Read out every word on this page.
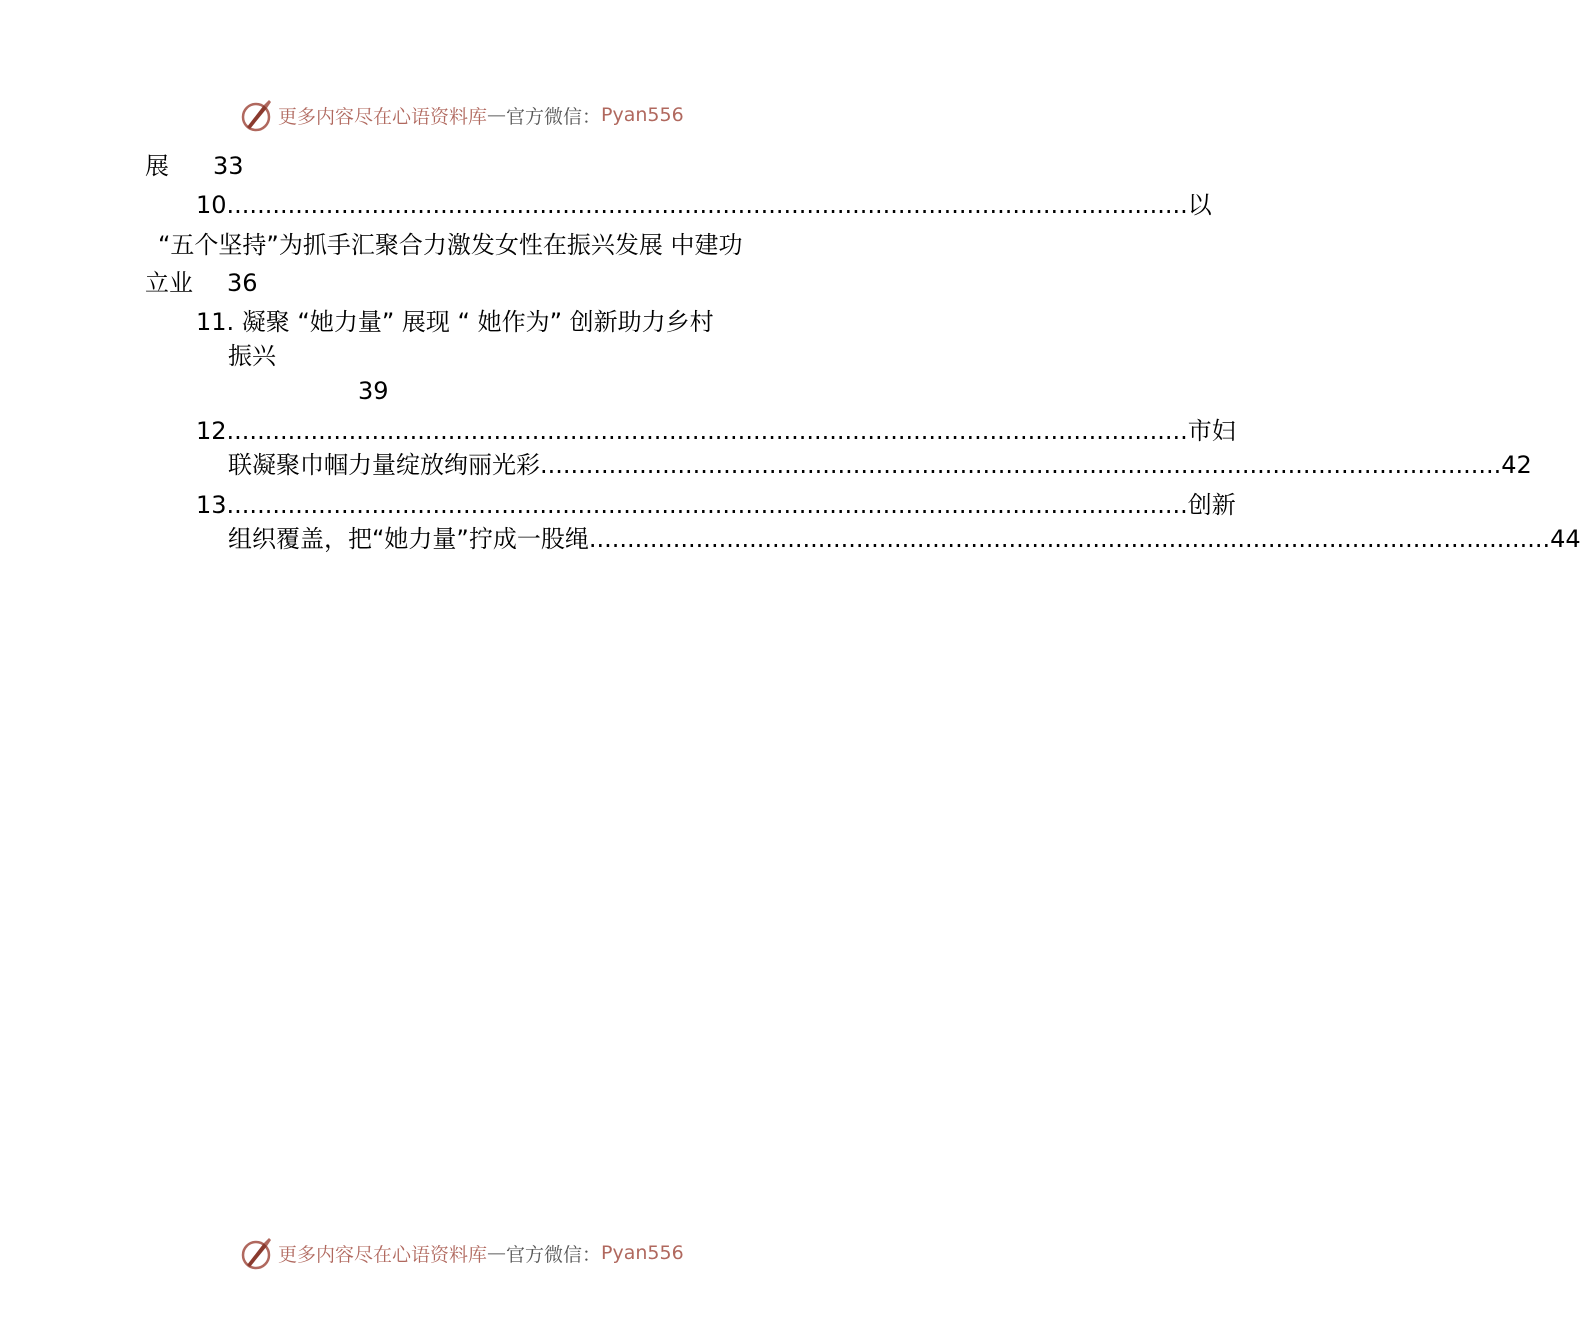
更多内容尽在心语资料库 — 官方微信： Pyan556
展 33
10 .............................................................................................................................. 以
“五个坚持”为抓手汇聚合力激发女性在振兴发展 中建功
立业 36
11. 凝聚 “她力量” 展现 “ 她作为” 创新助力乡村
振兴
39
12 .............................................................................................................................. 市妇
联凝聚巾帼力量绽放绚丽光彩 .............................................................................................................................. 42
13 .............................................................................................................................. 创新
组织覆盖，把“她力量”拧成一股绳 .............................................................................................................................. 44
更多内容尽在心语资料库 — 官方微信： Pyan556
